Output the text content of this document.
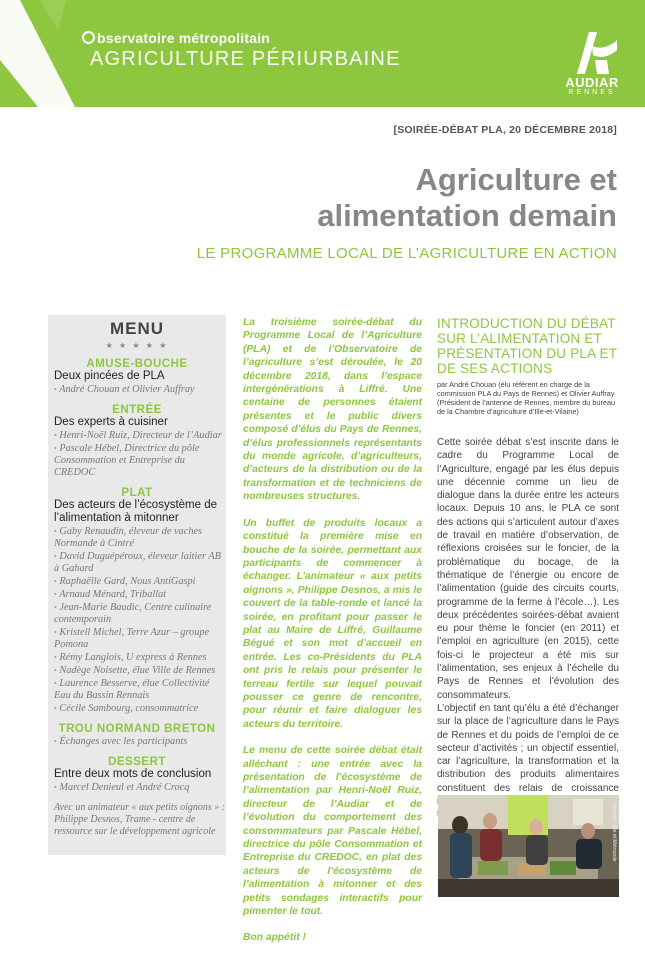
bservatoire métropolitain
AGRICULTURE PÉRIURBAINE
AUDIAR
RENNES
[SOIRÉE-DÉBAT PLA, 20 DÉCEMBRE 2018]
Agriculture et
alimentation demain
LE PROGRAMME LOCAL DE L’AGRICULTURE EN ACTION
MENU
★ ★ ★ ★ ★
AMUSE-BOUCHE
Deux pincées de PLA
• André Chouan et Olivier Auffray
ENTRÉE
Des experts à cuisiner
• Henri-Noël Ruiz, Directeur de l’Audiar
• Pascale Hébel, Directrice du pôle Consommation et Entreprise du CREDOC
PLAT
Des acteurs de l’écosystème de l’alimentation à mitonner
• Gaby Renaudin, éleveur de vaches Normande à Cintré
• David Duguépéroux, éleveur laitier AB à Gahard
• Raphaëlle Gard, Nous AntiGaspi
• Arnaud Ménard, Triballat
• Jean-Marie Baudic, Centre culinaire contemporain
• Kristell Michel, Terre Azur – groupe Pomona
• Rémy Langlois, U express à Rennes
• Nadège Noisette, élue Ville de Rennes
• Laurence Besserve, élue Collectivité Eau du Bassin Rennais
• Cécile Sambourg, consommatrice
TROU NORMAND BRETON
• Échanges avec les participants
DESSERT
Entre deux mots de conclusion
• Marcel Denieul et André Crocq
Avec un animateur « aux petits oignons » : Philippe Desnos, Trame - centre de ressource sur le développement agricole

La troisième soirée-débat du Programme Local de l’Agriculture (PLA) et de l’Observatoire de l’agriculture s’est déroulée, le 20 décembre 2018, dans l’espace intergénérations à Liffré. Une centaine de personnes étaient présentes et le public divers composé d’élus du Pays de Rennes, d’élus professionnels représentants du monde agricole, d’agriculteurs, d’acteurs de la distribution ou de la transformation et de techniciens de nombreuses structures.

Un buffet de produits locaux a constitué la première mise en bouche de la soirée, permettant aux participants de commencer à échanger. L’animateur « aux petits oignons », Philippe Desnos, a mis le couvert de la table-ronde et lancé la soirée, en profitant pour passer le plat au Maire de Liffré, Guillaume Bégué et son mot d’accueil en entrée. Les co-Présidents du PLA ont pris le relais pour présenter le terreau fertile sur lequel pouvait pousser ce genre de rencontre, pour réunir et faire dialoguer les acteurs du territoire.

Le menu de cette soirée débat était alléchant : une entrée avec la présentation de l’écosystème de l’alimentation par Henri-Noël Ruiz, directeur de l’Audiar et de l’évolution du comportement des consommateurs par Pascale Hébel, directrice du pôle Consommation et Entreprise du CREDOC, en plat des acteurs de l’écosystème de l’alimentation à mitonner et des petits sondages interactifs pour pimenter le tout.

Bon appétit !

INTRODUCTION DU DÉBAT SUR L’ALIMENTATION ET PRÉSENTATION DU PLA ET DE SES ACTIONS
par André Chouan (élu référent en charge de la commission PLA du Pays de Rennes) et Olivier Auffray (Président de l’antenne de Rennes, membre du bureau de la Chambre d’agriculture d’Ille-et-Vilaine)
Cette soirée débat s’est inscrite dans le cadre du Programme Local de l’Agriculture, engagé par les élus depuis une décennie comme un lieu de dialogue dans la durée entre les acteurs locaux. Depuis 10 ans, le PLA ce sont des actions qui s’articulent autour d’axes de travail en matière d’observation, de réflexions croisées sur le foncier, de la problématique du bocage, de la thématique de l’énergie ou encore de l’alimentation (guide des circuits courts, programme de la ferme à l’école…). Les deux précédentes soirées-débat avaient eu pour thème le foncier (en 2011) et l’emploi en agriculture (en 2015), cette fois-ci le projecteur a été mis sur l’alimentation, ses enjeux à l’échelle du Pays de Rennes et l’évolution des consommateurs.
L’objectif en tant qu’élu a été d’échanger sur la place de l’agriculture dans le Pays de Rennes et du poids de l’emploi de ce secteur d’activités ; un objectif essentiel, car l’agriculture, la transformation et la distribution des produits alimentaires constituent des relais de croissance
Rennes, Ville et Métropole
